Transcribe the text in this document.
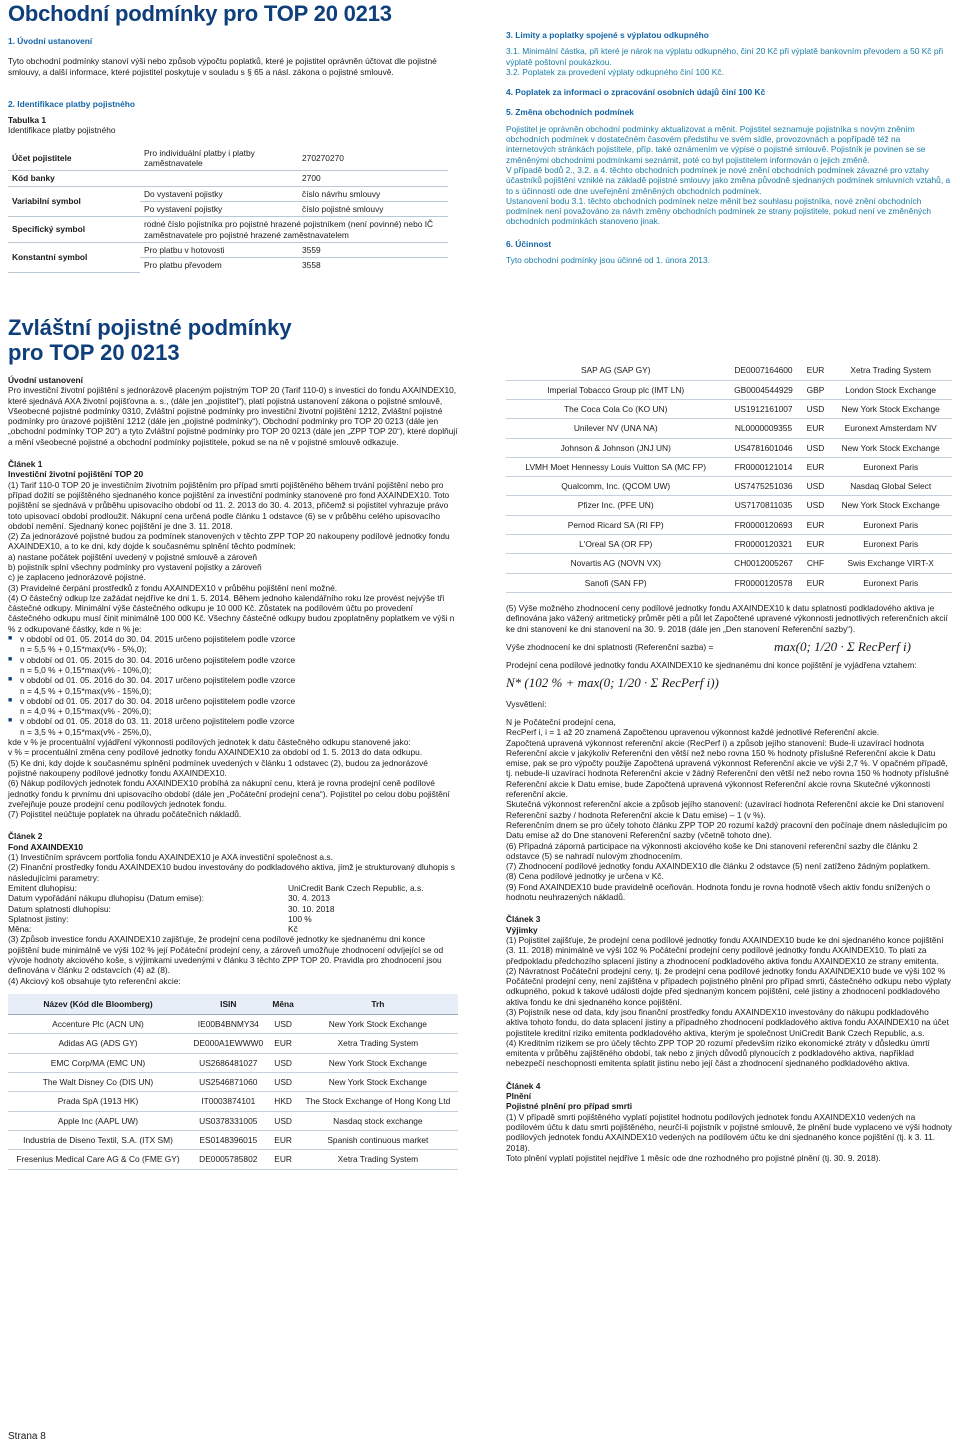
Obchodní podmínky pro TOP 20 0213
1. Úvodní ustanovení

Tyto obchodní podmínky stanoví výši nebo způsob výpočtu poplatků, které je pojistitel oprávněn účtovat dle pojistné smlouvy, a další informace, které pojistitel poskytuje v souladu s § 65 a násl. zákona o pojistné smlouvě.

2. Identifikace platby pojistného

Tabulka 1

Identifikace platby pojistného

Účet pojistitele	Pro individuální platby i platby zaměstnavatele	270270270
Kód banky		2700
Variabilní symbol	Do vystavení pojistky	číslo návrhu smlouvy
	Po vystavení pojistky	číslo pojistné smlouvy
Specifický symbol	rodné číslo pojistníka pro pojistné hrazené pojistníkem (není povinné) nebo IČ zaměstnavatele pro pojistné hrazené zaměstnavatelem	
Konstantní symbol	Pro platbu v hotovosti	3559
	Pro platbu převodem	3558
Zvláštní pojistné podmínky
pro TOP 20 0213

Úvodní ustanovení

Pro investiční životní pojištění s jednorázově placeným pojistným TOP 20 (Tarif 110-0) s investicí do fondu AXAINDEX10, které sjednává AXA životní pojišťovna a. s., (dále jen „pojistitel“), platí pojistná ustanovení zákona o pojistné smlouvě, Všeobecné pojistné podmínky 0310, Zvláštní pojistné podmínky pro investiční životní pojištění 1212, Zvláštní pojistné podmínky pro úrazové pojištění 1212 (dále jen „pojistné podmínky“), Obchodní podmínky pro TOP 20 0213 (dále jen „obchodní podmínky TOP 20“) a tyto Zvláštní pojistné podmínky pro TOP 20 0213 (dále jen „ZPP TOP 20“), které doplňují a mění všeobecné pojistné a obchodní podmínky pojistitele, pokud se na ně v pojistné smlouvě odkazuje.

Článek 1

Investiční životní pojištění TOP 20

(1) Tarif 110-0 TOP 20 je investičním životním pojištěním pro případ smrti pojištěného během trvání pojištění nebo pro případ dožití se pojištěného sjednaného konce pojištění za investiční podmínky stanovené pro fond AXAINDEX10. Toto pojištění se sjednává v průběhu upisovacího období od 11. 2. 2013 do 30. 4. 2013, přičemž si pojistitel vyhrazuje právo toto upisovací období prodloužit. Nákupní cena určená podle článku 1 odstavce (6) se v průběhu celého upisovacího období nemění. Sjednaný konec pojištění je dne 3. 11. 2018.

(2) Za jednorázové pojistné budou za podmínek stanovených v těchto ZPP TOP 20 nakoupeny podílové jednotky fondu AXAINDEX10, a to ke dni, kdy dojde k současnému splnění těchto podmínek:

a) nastane počátek pojištění uvedený v pojistné smlouvě a zároveň

b) pojistník splní všechny podmínky pro vystavení pojistky a zároveň

c) je zaplaceno jednorázové pojistné.

(3) Pravidelné čerpání prostředků z fondu AXAINDEX10 v průběhu pojištění není možné.

(4) O částečný odkup lze zažádat nejdříve ke dni 1. 5. 2014. Během jednoho kalendářního roku lze provést nejvýše tři částečné odkupy. Minimální výše částečného odkupu je 10 000 Kč. Zůstatek na podílovém účtu po provedení částečného odkupu musí činit minimálně 100 000 Kč. Všechny částečné odkupy budou zpoplatněny poplatkem ve výši n % z odkupované částky, kde n % je:

■ v období od 01. 05. 2014 do 30. 04. 2015 určeno pojistitelem podle vzorce
n = 5,5 % + 0,15*max(v% - 5%,0);
■ v období od 01. 05. 2015 do 30. 04. 2016 určeno pojistitelem podle vzorce
n = 5,0 % + 0,15*max(v% - 10%,0);
■ v období od 01. 05. 2016 do 30. 04. 2017 určeno pojistitelem podle vzorce
n = 4,5 % + 0,15*max(v% - 15%,0);
■ v období od 01. 05. 2017 do 30. 04. 2018 určeno pojistitelem podle vzorce
n = 4,0 % + 0,15*max(v% - 20%,0);
■ v období od 01. 05. 2018 do 03. 11. 2018 určeno pojistitelem podle vzorce
n = 3,5 % + 0,15*max(v% - 25%,0),

kde v % je procentuální vyjádření výkonnosti podílových jednotek k datu částečného odkupu stanovené jako:

v % = procentuální změna ceny podílové jednotky fondu AXAINDEX10 za období od 1. 5. 2013 do data odkupu.

(5) Ke dni, kdy dojde k současnému splnění podmínek uvedených v článku 1 odstavec (2), budou za jednorázové pojistné nakoupeny podílové jednotky fondu AXAINDEX10.

(6) Nákup podílových jednotek fondu AXAINDEX10 probíhá za nákupní cenu, která je rovna prodejní ceně podílové jednotky fondu k prvnímu dni upisovacího období (dále jen „Počáteční prodejní cena“). Pojistitel po celou dobu pojištění zveřejňuje pouze prodejní cenu podílových jednotek fondu.

(7) Pojistitel neúčtuje poplatek na úhradu počátečních nákladů.

Článek 2

Fond AXAINDEX10

(1) Investičním správcem portfolia fondu AXAINDEX10 je AXA investiční společnost a.s.

(2) Finanční prostředky fondu AXAINDEX10 budou investovány do podkladového aktiva, jímž je strukturovaný dluhopis s následujícími parametry:

Emitent dluhopisu:	UniCredit Bank Czech Republic, a.s.
Datum vypořádání nákupu dluhopisu (Datum emise):	30. 4. 2013
Datum splatnosti dluhopisu:	30. 10. 2018
Splatnost jistiny:	100 %
Měna:	Kč

(3) Způsob investice fondu AXAINDEX10 zajišťuje, že prodejní cena podílové jednotky ke sjednanému dni konce pojištění bude minimálně ve výši 102 % její Počáteční prodejní ceny, a zároveň umožňuje zhodnocení odvíjející se od vývoje hodnoty akciového koše, s výjimkami uvedenými v článku 3 těchto ZPP TOP 20. Pravidla pro zhodnocení jsou definována v článku 2 odstavcích (4) až (8).

(4) Akciový koš obsahuje tyto referenční akcie:

Název (Kód dle Bloomberg)	ISIN	Měna	Trh
Accenture Plc (ACN UN)	IE00B4BNMY34	USD	New York Stock Exchange
Adidas AG (ADS GY)	DE000A1EWWW0	EUR	Xetra Trading System
EMC Corp/MA (EMC UN)	US2686481027	USD	New York Stock Exchange
The Walt Disney Co (DIS UN)	US2546871060	USD	New York Stock Exchange
Prada SpA (1913 HK)	IT0003874101	HKD	The Stock Exchange of Hong Kong Ltd
Apple Inc (AAPL UW)	US0378331005	USD	Nasdaq stock exchange
Industria de Diseno Textil, S.A. (ITX SM)	ES0148396015	EUR	Spanish continuous market
Fresenius Medical Care AG & Co (FME GY)	DE0005785802	EUR	Xetra Trading System
3. Limity a poplatky spojené s výplatou odkupného

3.1. Minimální částka, při které je nárok na výplatu odkupného, činí 20 Kč při výplatě bankovním převodem a 50 Kč při výplatě poštovní poukázkou.

3.2. Poplatek za provedení výplaty odkupného činí 100 Kč.

4. Poplatek za informaci o zpracování osobních údajů činí 100 Kč
5. Změna obchodních podmínek

Pojistitel je oprávněn obchodní podmínky aktualizovat a měnit. Pojistitel seznamuje pojistníka s novým zněním obchodních podmínek v dostatečném časovém předstihu ve svém sídle, provozovnách a popřípadě též na internetových stránkách pojistitele, příp. také oznámením ve výpise o pojistné smlouvě. Pojistník je povinen se se změněnými obchodními podmínkami seznámit, poté co byl pojistitelem informován o jejich změně.

V případě bodů 2., 3.2. a 4. těchto obchodních podmínek je nové znění obchodních podmínek závazné pro vztahy účastníků pojištění vzniklé na základě pojistné smlouvy jako změna původně sjednaných podmínek smluvních vztahů, a to s účinností ode dne uveřejnění změněných obchodních podmínek.

Ustanovení bodu 3.1. těchto obchodních podmínek nelze měnit bez souhlasu pojistníka, nové znění obchodních podmínek není považováno za návrh změny obchodních podmínek ze strany pojistitele, pokud není ve změněných obchodních podmínkách stanoveno jinak.

6. Účinnost

Tyto obchodní podmínky jsou účinné od 1. února 2013.

SAP AG (SAP GY)	DE0007164600	EUR	Xetra Trading System
Imperial Tobacco Group plc (IMT LN)	GB0004544929	GBP	London Stock Exchange
The Coca Cola Co (KO UN)	US1912161007	USD	New York Stock Exchange
Unilever NV (UNA NA)	NL0000009355	EUR	Euronext Amsterdam NV
Johnson & Johnson (JNJ UN)	US4781601046	USD	New York Stock Exchange
LVMH Moet Hennessy Louis Vuitton SA (MC FP)	FR0000121014	EUR	Euronext Paris
Qualcomm, Inc. (QCOM UW)	US7475251036	USD	Nasdaq Global Select
Pfizer Inc. (PFE UN)	US7170811035	USD	New York Stock Exchange
Pernod Ricard SA (RI FP)	FR0000120693	EUR	Euronext Paris
L'Oreal SA (OR FP)	FR0000120321	EUR	Euronext Paris
Novartis AG (NOVN VX)	CH0012005267	CHF	Swis Exchange VIRT-X
Sanofi (SAN FP)	FR0000120578	EUR	Euronext Paris

(5) Výše možného zhodnocení ceny podílové jednotky fondu AXAINDEX10 k datu splatnosti podkladového aktiva je definována jako vážený aritmetický průměr pěti a půl let Započtené upravené výkonnosti jednotlivých referenčních akcií ke dni stanovení ke dni stanovení na 30. 9. 2018 (dále jen „Den stanovení Referenční sazby“).

Výše zhodnocení ke dni splatnosti (Referenční sazba) =	max(0; 1/20 · Σ RecPerf i)

Prodejní cena podílové jednotky fondu AXAINDEX10 ke sjednanému dni konce pojištění je vyjádřena vztahem:

N* (102 % + max(0; 1/20 · Σ RecPerf i))

Vysvětlení:

N je Počáteční prodejní cena,

RecPerf i, i = 1 až 20 znamená Započtenou upravenou výkonnost každé jednotlivé Referenční akcie.

Započtená upravená výkonnost referenční akcie (RecPerf i) a způsob jejího stanovení: Bude-li uzavírací hodnota Referenční akcie v jakýkoliv Referenční den větší než nebo rovna 150 % hodnoty příslušné Referenční akcie k Datu emise, pak se pro výpočty použije Započtená upravená výkonnost Referenční akcie ve výši 2,7 %. V opačném případě, tj. nebude-li uzavírací hodnota Referenční akcie v žádný Referenční den větší než nebo rovna 150 % hodnoty příslušné Referenční akcie k Datu emise, bude Započtená upravená výkonnost Referenční akcie rovna Skutečné výkonnosti referenční akcie.

Skutečná výkonnost referenční akcie a způsob jejího stanovení: (uzavírací hodnota Referenční akcie ke Dni stanovení Referenční sazby / hodnota Referenční akcie k Datu emise) – 1 (v %).

Referenčním dnem se pro účely tohoto článku ZPP TOP 20 rozumí každý pracovní den počínaje dnem následujícím po Datu emise až do Dne stanovení Referenční sazby (včetně tohoto dne).

(6) Případná záporná participace na výkonnosti akciového koše ke Dni stanovení referenční sazby dle článku 2 odstavce (5) se nahradí nulovým zhodnocením.

(7) Zhodnocení podílové jednotky fondu AXAINDEX10 dle článku 2 odstavce (5) není zatíženo žádným poplatkem.

(8) Cena podílové jednotky je určena v Kč.

(9) Fond AXAINDEX10 bude pravidelně oceňován. Hodnota fondu je rovna hodnotě všech aktiv fondu snížených o hodnotu neuhrazených nákladů.

Článek 3

Výjimky

(1) Pojistitel zajišťuje, že prodejní cena podílové jednotky fondu AXAINDEX10 bude ke dni sjednaného konce pojištění (3. 11. 2018) minimálně ve výši 102 % Počáteční prodejní ceny podílové jednotky fondu AXAINDEX10. To platí za předpokladu předchozího splacení jistiny a zhodnocení podkladového aktiva fondu AXAINDEX10 ze strany emitenta.

(2) Návratnost Počáteční prodejní ceny, tj. že prodejní cena podílové jednotky fondu AXAINDEX10 bude ve výši 102 % Počáteční prodejní ceny, není zajištěna v případech pojistného plnění pro případ smrti, částečného odkupu nebo výplaty odkupného, pokud k takové události dojde před sjednaným koncem pojištění, celé jistiny a zhodnocení podkladového aktiva fondu ke dni sjednaného konce pojištění.

(3) Pojistník nese od data, kdy jsou finanční prostředky fondu AXAINDEX10 investovány do nákupu podkladového aktiva tohoto fondu, do data splacení jistiny a případného zhodnocení podkladového aktiva fondu AXAINDEX10 na účet pojistitele kreditní riziko emitenta podkladového aktiva, kterým je společnost UniCredit Bank Czech Republic, a.s.

(4) Kreditním rizikem se pro účely těchto ZPP TOP 20 rozumí především riziko ekonomické ztráty v důsledku úmrtí emitenta v průběhu zajištěného období, tak nebo z jiných důvodů plynoucích z podkladového aktiva, například nebezpečí neschopnosti emitenta splatit jistinu nebo její část a zhodnocení sjednaného podkladového aktiva.

Článek 4

Plnění

Pojistné plnění pro případ smrti

(1) V případě smrti pojištěného vyplatí pojistitel hodnotu podílových jednotek fondu AXAINDEX10 vedených na podílovém účtu k datu smrti pojištěného, neurčí-li pojistník v pojistné smlouvě, že plnění bude vyplaceno ve výši hodnoty podílových jednotek fondu AXAINDEX10 vedených na podílovém účtu ke dni sjednaného konce pojištění (tj. k 3. 11. 2018).

Toto plnění vyplatí pojistitel nejdříve 1 měsíc ode dne rozhodného pro pojistné plnění (tj. 30. 9. 2018).

Strana 8
